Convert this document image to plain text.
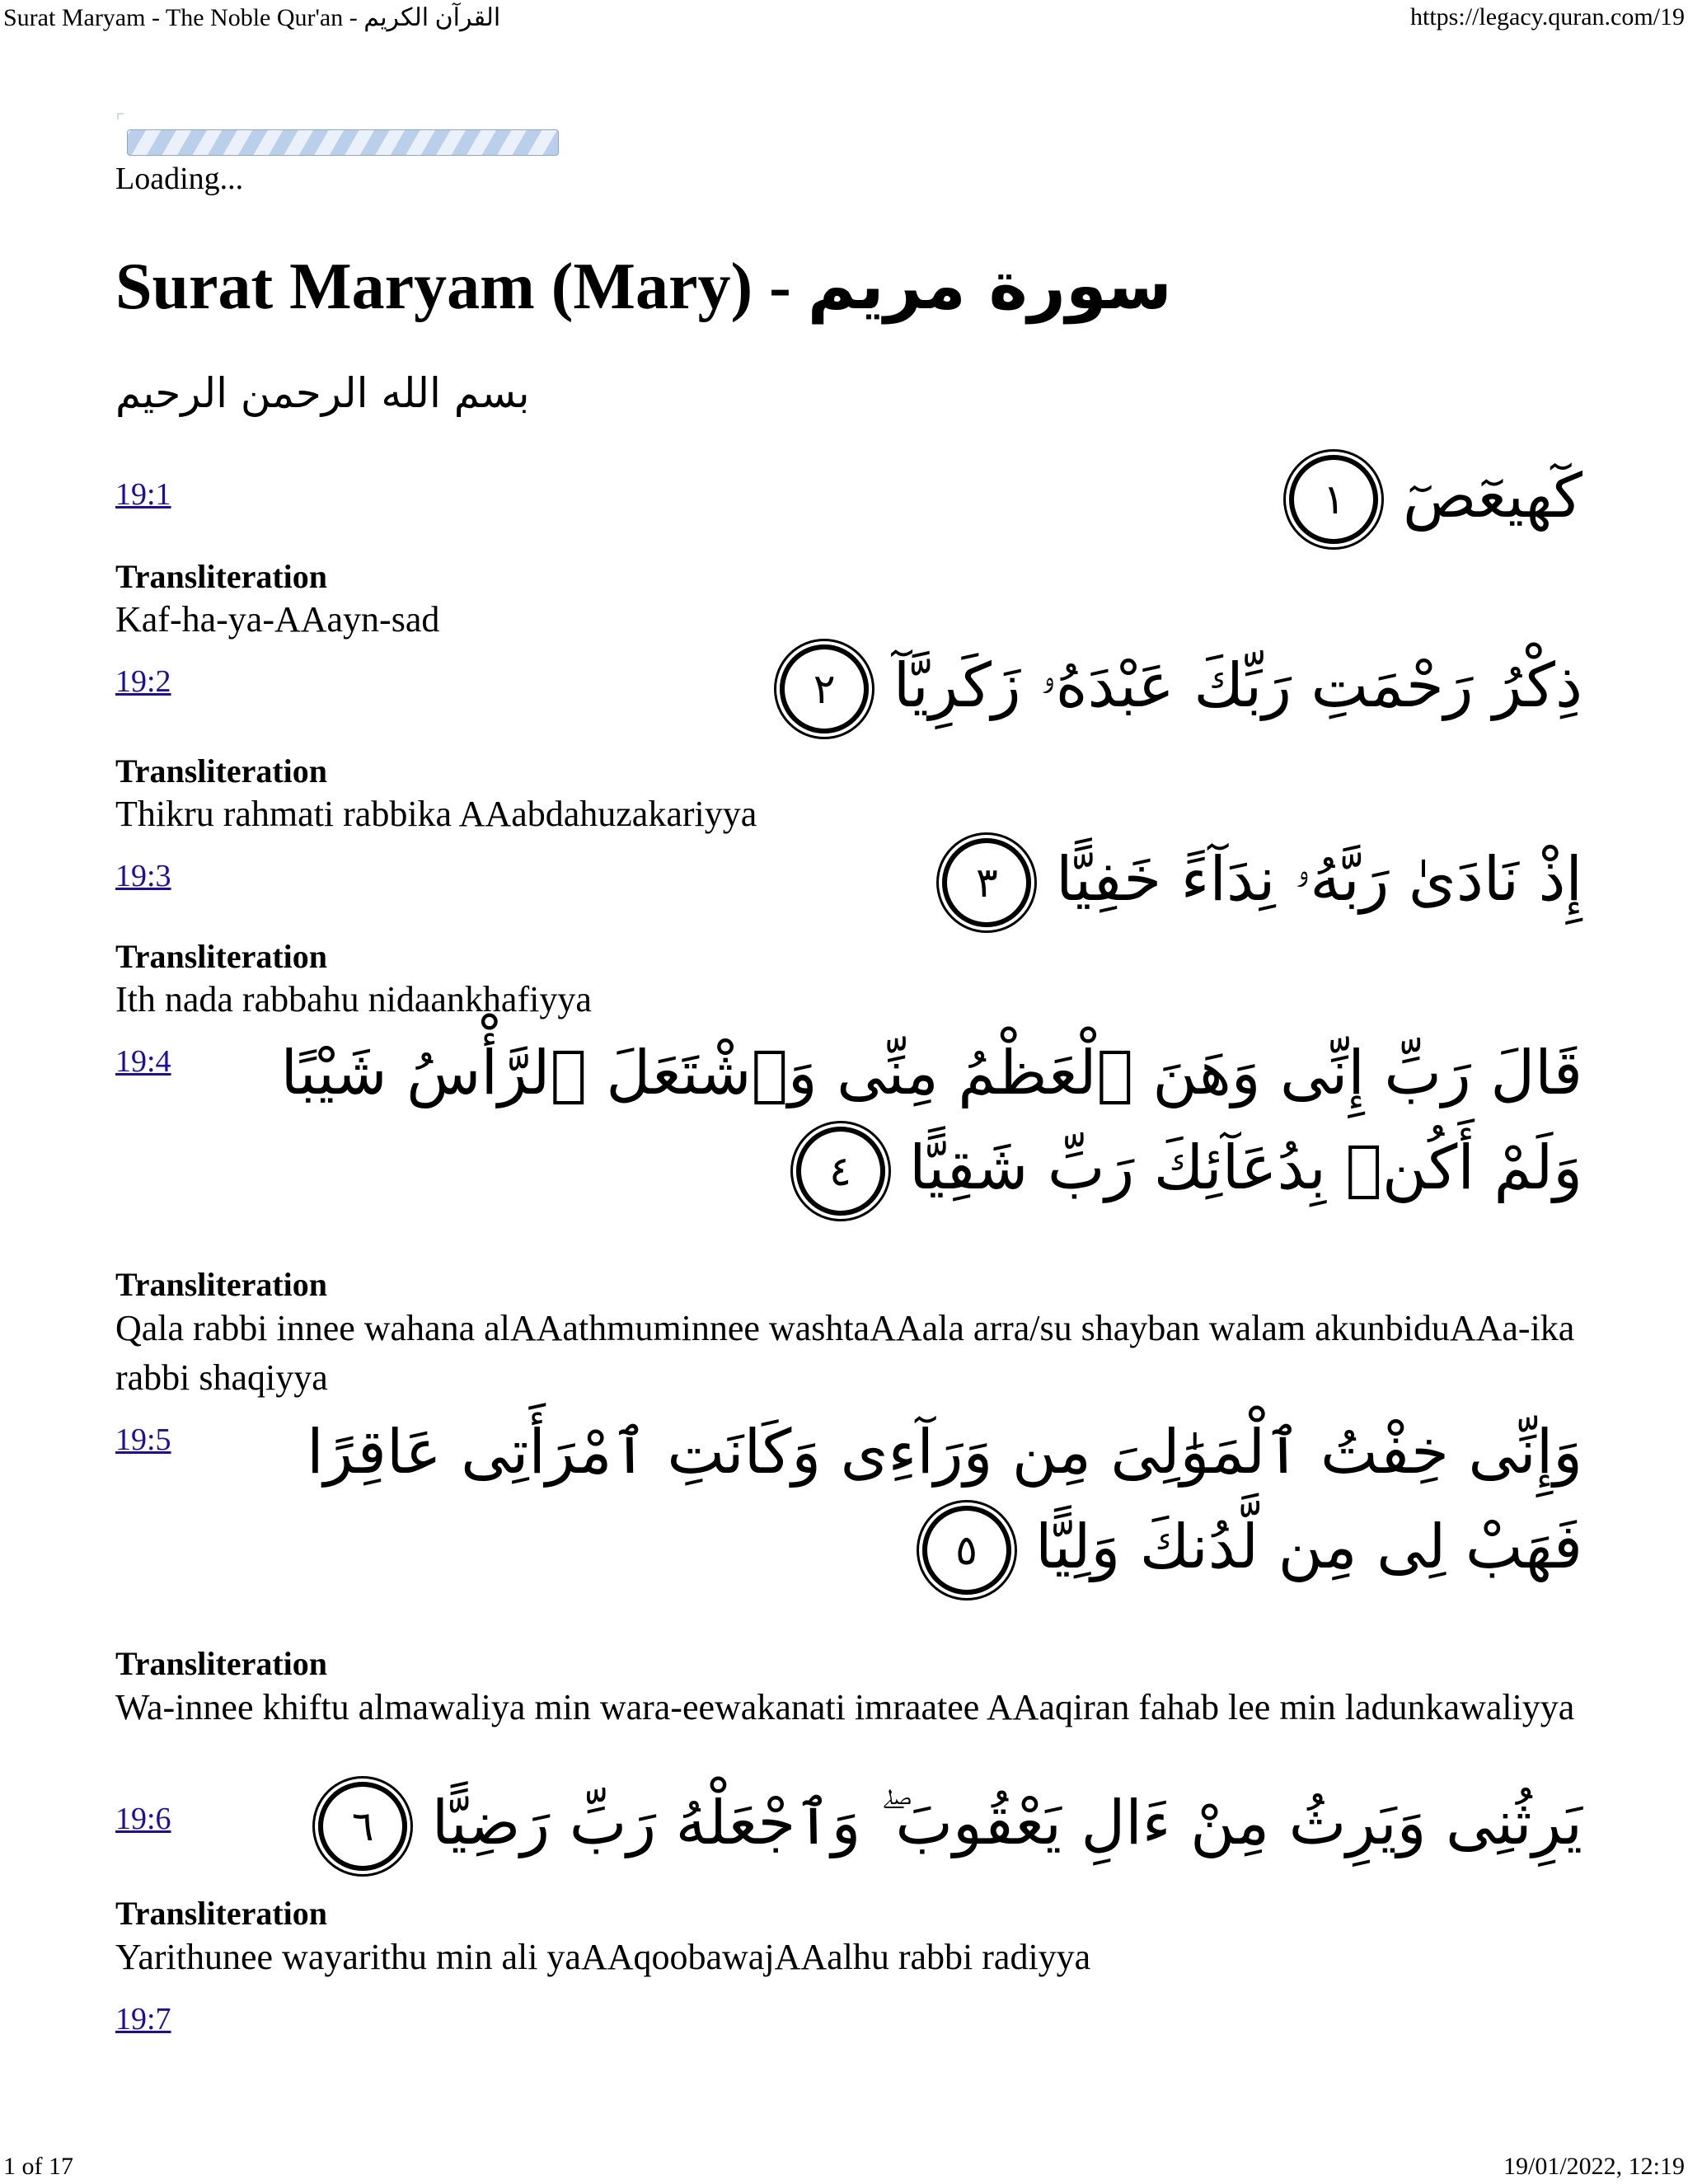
Surat Maryam - The Noble Qur'an - القرآن الكريم	https://legacy.quran.com/19
Loading...
Surat Maryam (Mary) - سورة مريم
بسم الله الرحمن الرحيم
19:1	كٓهيعٓصٓ ١
Transliteration
Kaf-ha-ya-AAayn-sad
19:2	ذِكْرُ رَحْمَتِ رَبِّكَ عَبْدَهُۥ زَكَرِيَّآ ٢
Transliteration
Thikru rahmati rabbika AAabdahuzakariyya
19:3	إِذْ نَادَىٰ رَبَّهُۥ نِدَآءً خَفِيًّا ٣
Transliteration
Ith nada rabbahu nidaankhafiyya
19:4	قَالَ رَبِّ إِنِّى وَهَنَ ٱلْعَظْمُ مِنِّى وَٱشْتَعَلَ ٱلرَّأْسُ شَيْبًا وَلَمْ أَكُنۢ بِدُعَآئِكَ رَبِّ شَقِيًّا ٤
Transliteration
Qala rabbi innee wahana alAAathmuminnee washtaAAala arra/su shayban walam akunbiduAAa-ika rabbi shaqiyya
19:5	وَإِنِّى خِفْتُ ٱلْمَوَٰلِىَ مِن وَرَآءِى وَكَانَتِ ٱمْرَأَتِى عَاقِرًا فَهَبْ لِى مِن لَّدُنكَ وَلِيًّا ٥
Transliteration
Wa-innee khiftu almawaliya min wara-eewakanati imraatee AAaqiran fahab lee min ladunkawaliyya
19:6	يَرِثُنِى وَيَرِثُ مِنْ ءَالِ يَعْقُوبَ ۖ وَٱجْعَلْهُ رَبِّ رَضِيًّا ٦
Transliteration
Yarithunee wayarithu min ali yaAAqoobawajAAalhu rabbi radiyya
19:7
1 of 17	19/01/2022, 12:19
